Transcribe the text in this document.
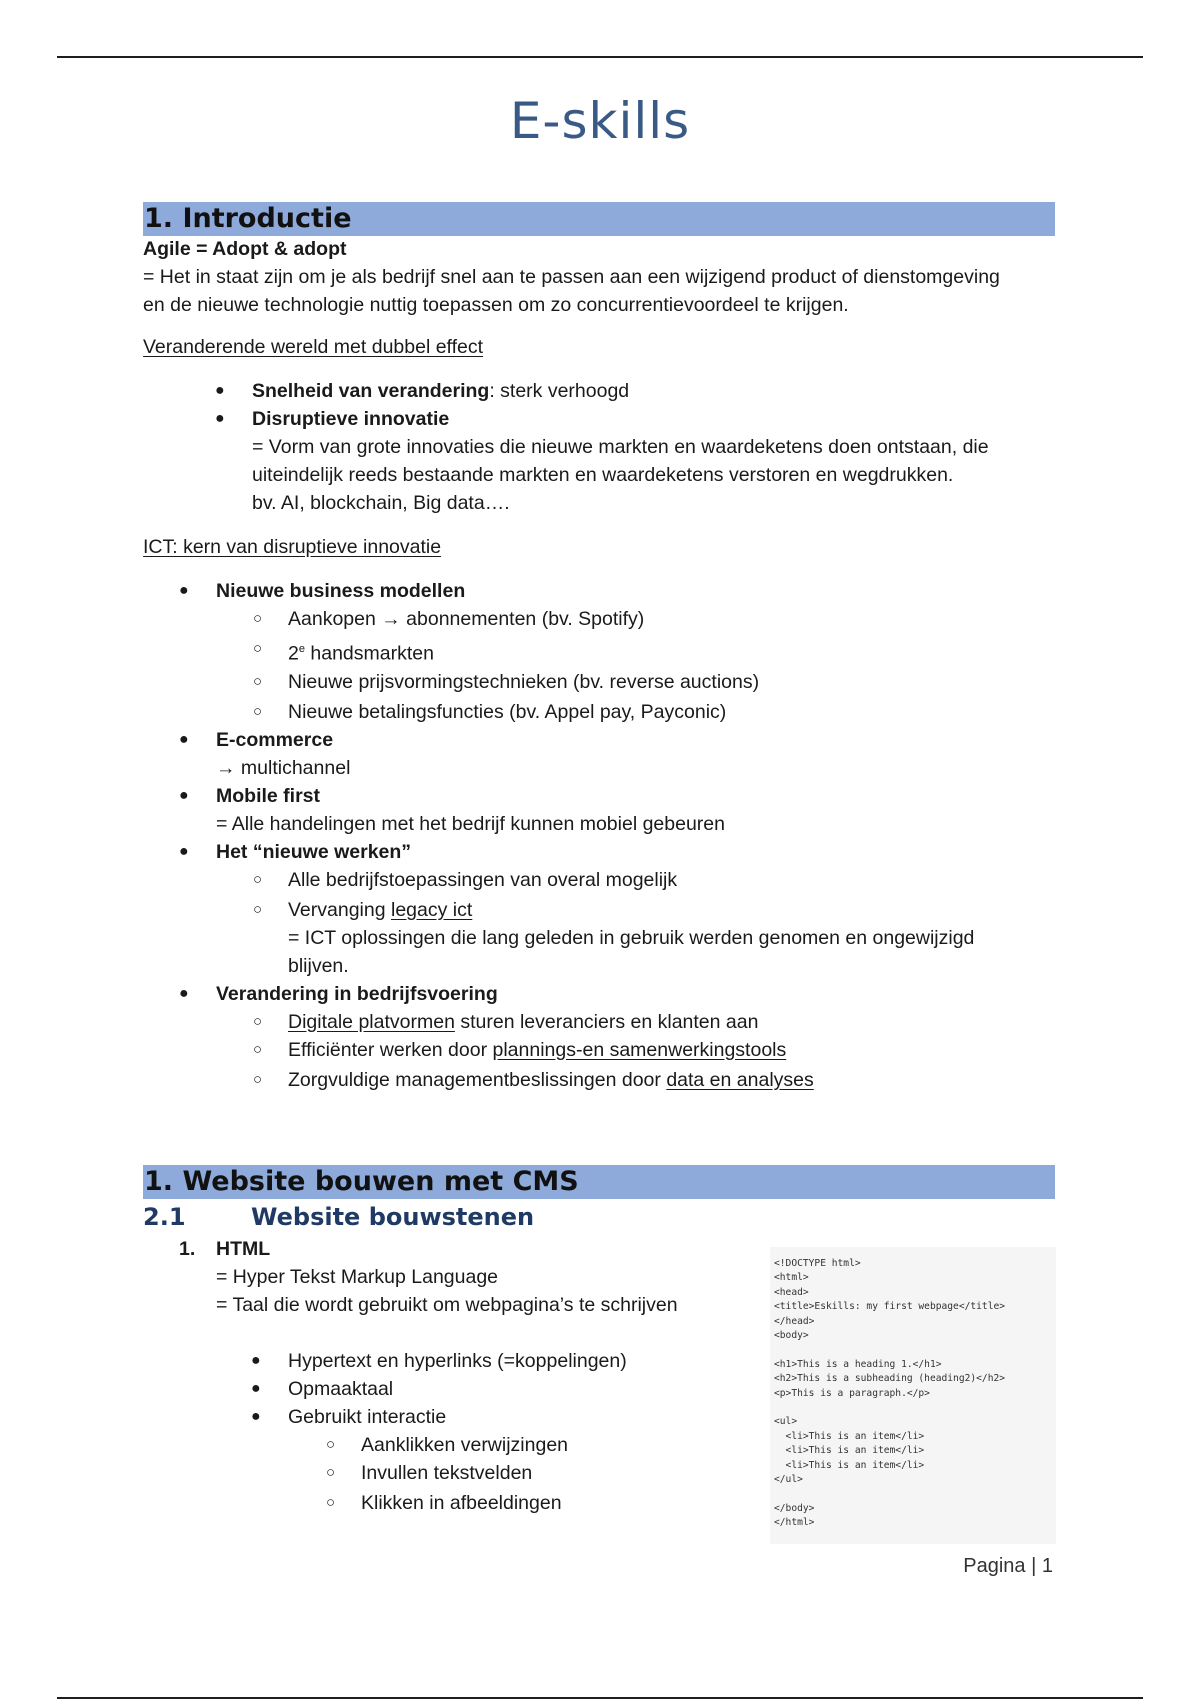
E-skills
1. Introductie

Agile = Adopt & adopt

= Het in staat zijn om je als bedrijf snel aan te passen aan een wijzigend product of dienstomgeving

en de nieuwe technologie nuttig toepassen om zo concurrentievoordeel te krijgen.

Veranderende wereld met dubbel effect

● Snelheid van verandering: sterk verhoogd
● Disruptieve innovatie

= Vorm van grote innovaties die nieuwe markten en waardeketens doen ontstaan, die

uiteindelijk reeds bestaande markten en waardeketens verstoren en wegdrukken.

bv. AI, blockchain, Big data….

ICT: kern van disruptieve innovatie

● Nieuwe business modellen
○ Aankopen → abonnementen (bv. Spotify)
○ 2e handsmarkten
○ Nieuwe prijsvormingstechnieken (bv. reverse auctions)
○ Nieuwe betalingsfuncties (bv. Appel pay, Payconic)
● E-commerce

→ multichannel

● Mobile first

= Alle handelingen met het bedrijf kunnen mobiel gebeuren

● Het “nieuwe werken”
○ Alle bedrijfstoepassingen van overal mogelijk
○ Vervanging legacy ict

= ICT oplossingen die lang geleden in gebruik werden genomen en ongewijzigd

blijven.

● Verandering in bedrijfsvoering
○ Digitale platvormen sturen leveranciers en klanten aan
○ Efficiënter werken door plannings-en samenwerkingstools
○ Zorgvuldige managementbeslissingen door data en analyses
1. Website bouwen met CMS
2.1	Website bouwstenen
1. HTML

= Hyper Tekst Markup Language

= Taal die wordt gebruikt om webpagina’s te schrijven

● Hypertext en hyperlinks (=koppelingen)
● Opmaaktaal
● Gebruikt interactie
○ Aanklikken verwijzingen
○ Invullen tekstvelden
○ Klikken in afbeeldingen
<!DOCTYPE html>
<html>
<head>
<title>Eskills: my first webpage</title>
</head>
<body>

<h1>This is a heading 1.</h1>
<h2>This is a subheading (heading2)</h2>
<p>This is a paragraph.</p>

<ul>
<li>This is an item</li>
<li>This is an item</li>
<li>This is an item</li>
</ul>

</body>
</html>
Pagina | 1
